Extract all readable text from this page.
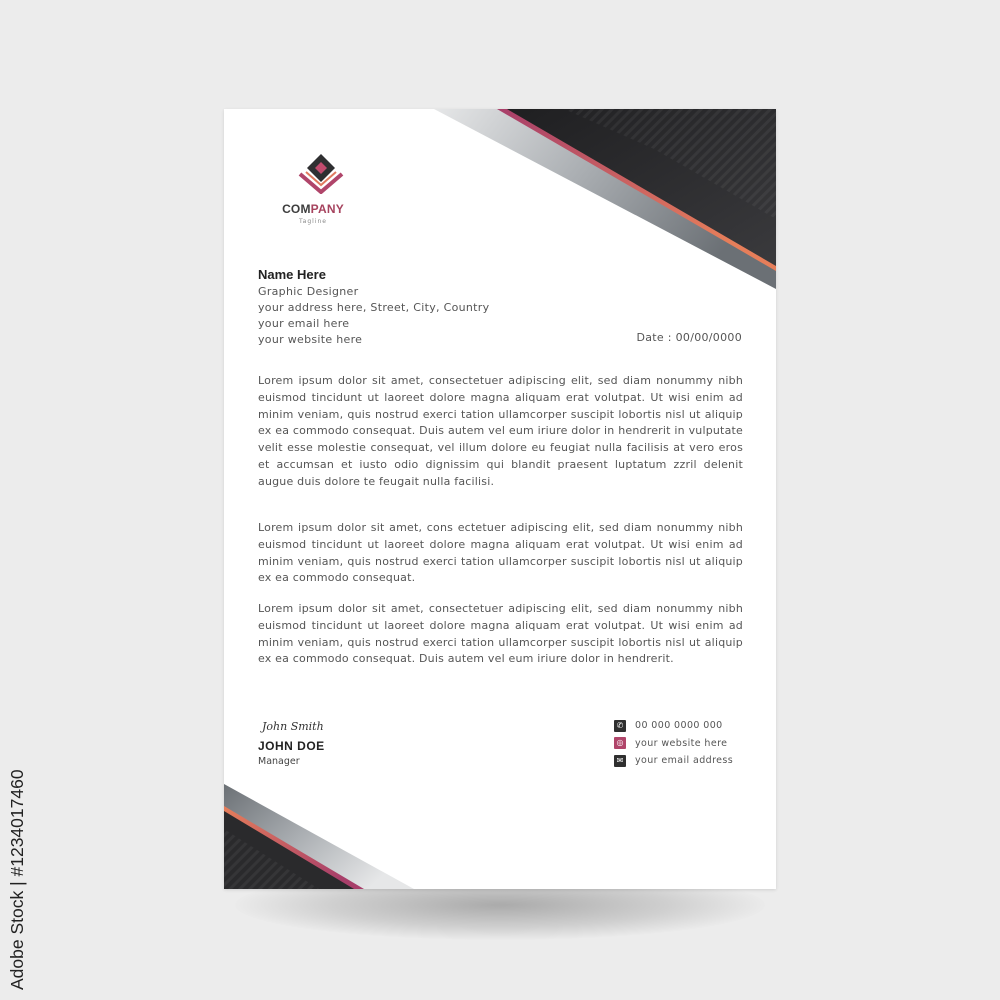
COMPANY
Tagline
Name Here
Graphic Designer
your address here, Street, City, Country
your email here
your website here	Date : 00/00/0000

Lorem ipsum dolor sit amet, consectetuer adipiscing elit, sed diam nonummy nibh euismod tincidunt ut laoreet dolore magna aliquam erat volutpat. Ut wisi enim ad minim veniam, quis nostrud exerci tation ullamcorper suscipit lobortis nisl ut aliquip ex ea commodo consequat. Duis autem vel eum iriure dolor in hendrerit in vulputate velit esse molestie consequat, vel illum dolore eu feugiat nulla facilisis at vero eros et accumsan et iusto odio dignissim qui blandit praesent luptatum zzril delenit augue duis dolore te feugait nulla facilisi.

Lorem ipsum dolor sit amet, cons ectetuer adipiscing elit, sed diam nonummy nibh euismod tincidunt ut laoreet dolore magna aliquam erat volutpat. Ut wisi enim ad minim veniam, quis nostrud exerci tation ullamcorper suscipit lobortis nisl ut aliquip ex ea commodo consequat.

Lorem ipsum dolor sit amet, consectetuer adipiscing elit, sed diam nonummy nibh euismod tincidunt ut laoreet dolore magna aliquam erat volutpat. Ut wisi enim ad minim veniam, quis nostrud exerci tation ullamcorper suscipit lobortis nisl ut aliquip ex ea commodo consequat. Duis autem vel eum iriure dolor in hendrerit.

John Smith
JOHN DOE
Manager
✆ 00 000 0000 000
◎ your website here
✉ your email address
Adobe Stock | #1234017460
